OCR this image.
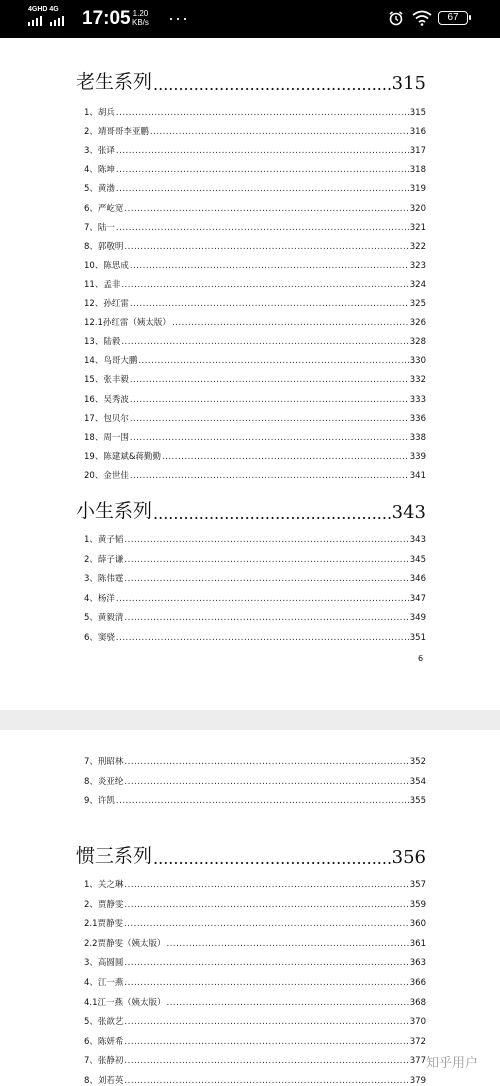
4GHD 4G 17:05 1.20
KB/s ···	67
老生系列 .....	315
1、胡兵 .....	315
2、靖哥哥李亚鹏 .....	316
3、张译 .....	317
4、陈坤 .....	318
5、黄渤 .....	319
6、严屹宽 .....	320
7、陆一 .....	321
8、郭敬明 .....	322
10、陈思成 .....	323
11、孟非 .....	324
12、孙红雷 .....	325
12.1孙红雷（姨太版） .....	326
13、陆毅 .....	328
14、鸟哥大鹏 .....	330
15、张丰毅 .....	332
16、吴秀波 .....	333
17、包贝尔 .....	336
18、周一围 .....	338
19、陈建斌&蒋勤勤 .....	339
20、金世佳 .....	341
小生系列 .....	343
1、黄子韬 .....	343
2、薛子谦 .....	345
3、陈伟霆 .....	346
4、杨洋 .....	347
5、黄毅清 .....	349
6、窦骁 .....	351
7、刑昭林 .....	352
8、炎亚纶 .....	354
9、许凯 .....	355
惯三系列 .....	356
1、关之琳 .....	357
2、贾静雯 .....	359
2.1贾静雯 .....	360
2.2贾静雯（姨太版） .....	361
3、高圆圆 .....	363
4、江一燕 .....	366
4.1江一燕（姨太版） .....	368
5、张歆艺 .....	370
6、陈妍希 .....	372
7、张静初 .....	377
8、刘若英 .....	379
6
知乎用户
